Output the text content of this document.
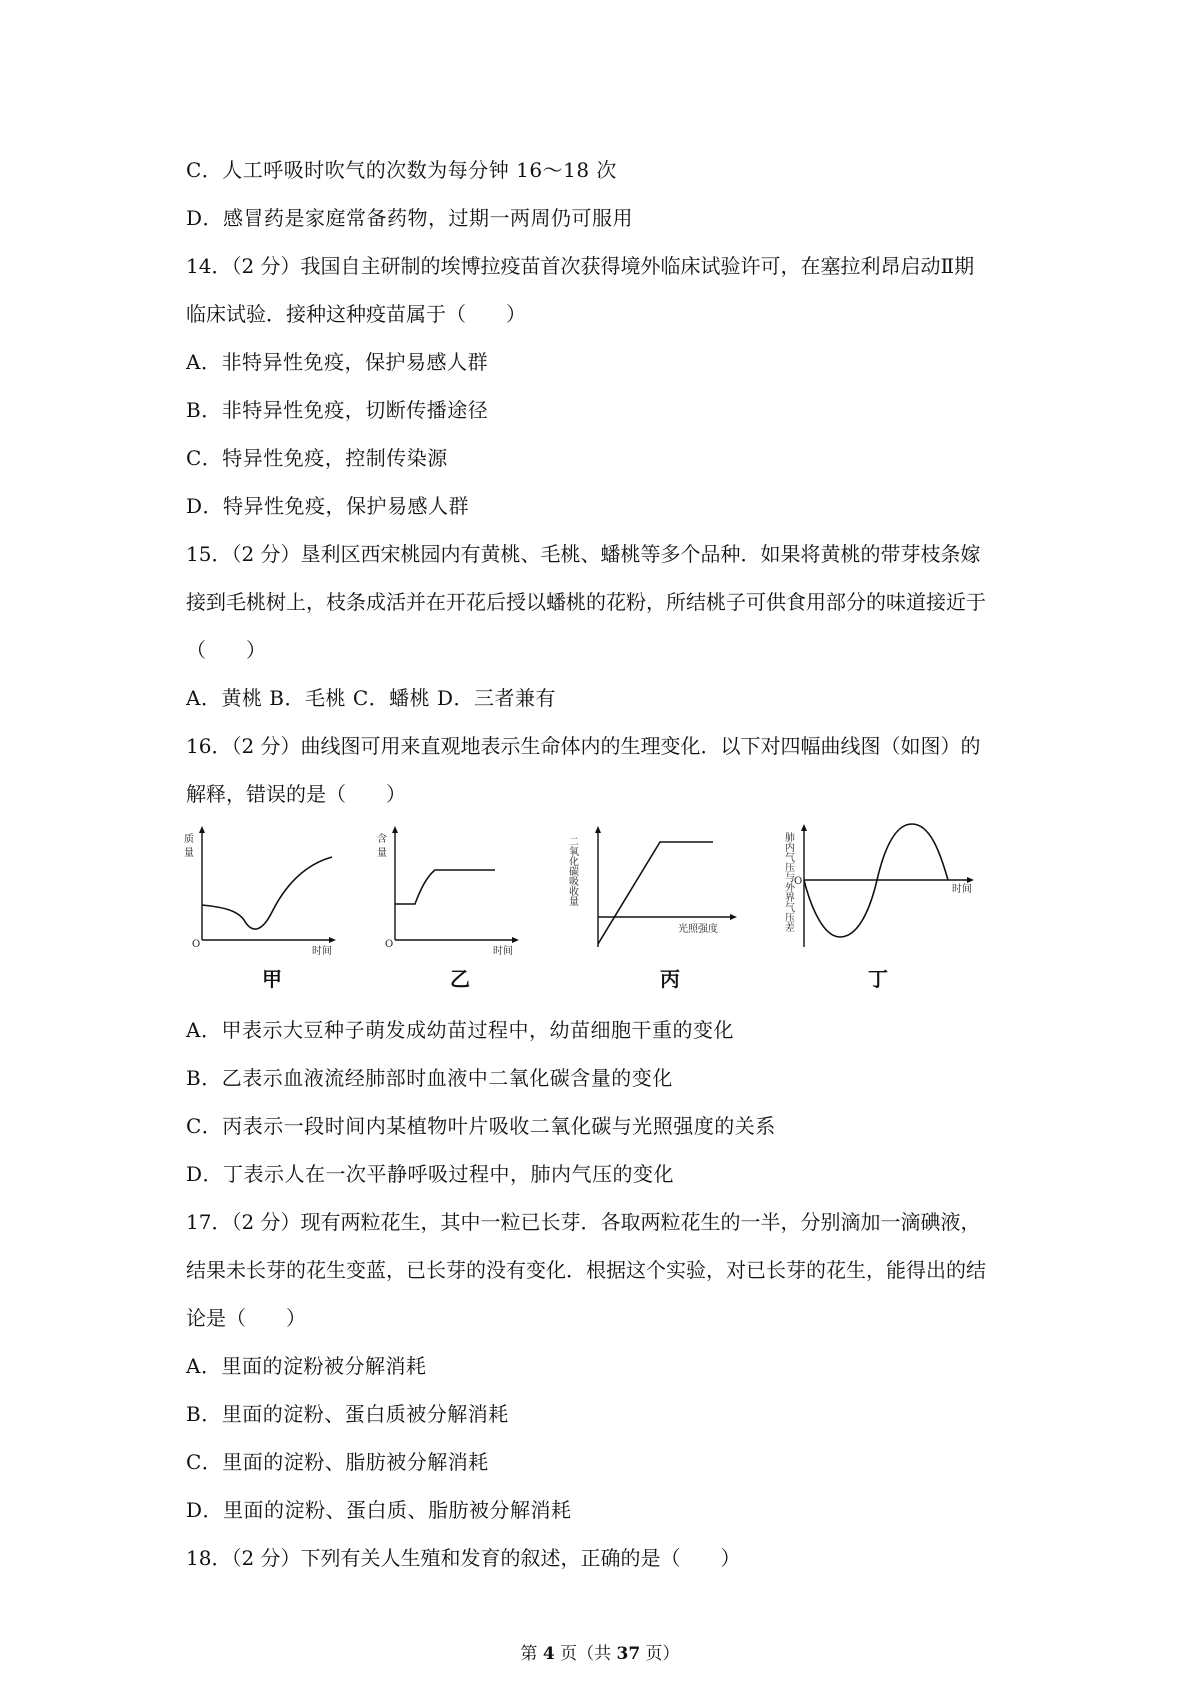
C．人工呼吸时吹气的次数为每分钟 16～18 次
D．感冒药是家庭常备药物，过期一两周仍可服用
14．（2 分）我国自主研制的埃博拉疫苗首次获得境外临床试验许可，在塞拉利昂启动Ⅱ期
临床试验．接种这种疫苗属于（　　）
A．非特异性免疫，保护易感人群
B．非特异性免疫，切断传播途径
C．特异性免疫，控制传染源
D．特异性免疫，保护易感人群
15．（2 分）垦利区西宋桃园内有黄桃、毛桃、蟠桃等多个品种．如果将黄桃的带芽枝条嫁
接到毛桃树上，枝条成活并在开花后授以蟠桃的花粉，所结桃子可供食用部分的味道接近于
（　　）
A．黄桃 B．毛桃 C．蟠桃 D．三者兼有
16．（2 分）曲线图可用来直观地表示生命体内的生理变化．以下对四幅曲线图（如图）的
解释，错误的是（　　）
质
量
O
时间
含
量
O
时间
二氧化碳吸收量
光照强度
O
肺内气压与外界气压差	时间
甲	乙	丙	丁
A．甲表示大豆种子萌发成幼苗过程中，幼苗细胞干重的变化
B．乙表示血液流经肺部时血液中二氧化碳含量的变化
C．丙表示一段时间内某植物叶片吸收二氧化碳与光照强度的关系
D．丁表示人在一次平静呼吸过程中，肺内气压的变化
17．（2 分）现有两粒花生，其中一粒已长芽．各取两粒花生的一半，分别滴加一滴碘液，
结果未长芽的花生变蓝，已长芽的没有变化．根据这个实验，对已长芽的花生，能得出的结
论是（　　）
A．里面的淀粉被分解消耗
B．里面的淀粉、蛋白质被分解消耗
C．里面的淀粉、脂肪被分解消耗
D．里面的淀粉、蛋白质、脂肪被分解消耗
18．（2 分）下列有关人生殖和发育的叙述，正确的是（　　）
第 4 页（共 37 页）
